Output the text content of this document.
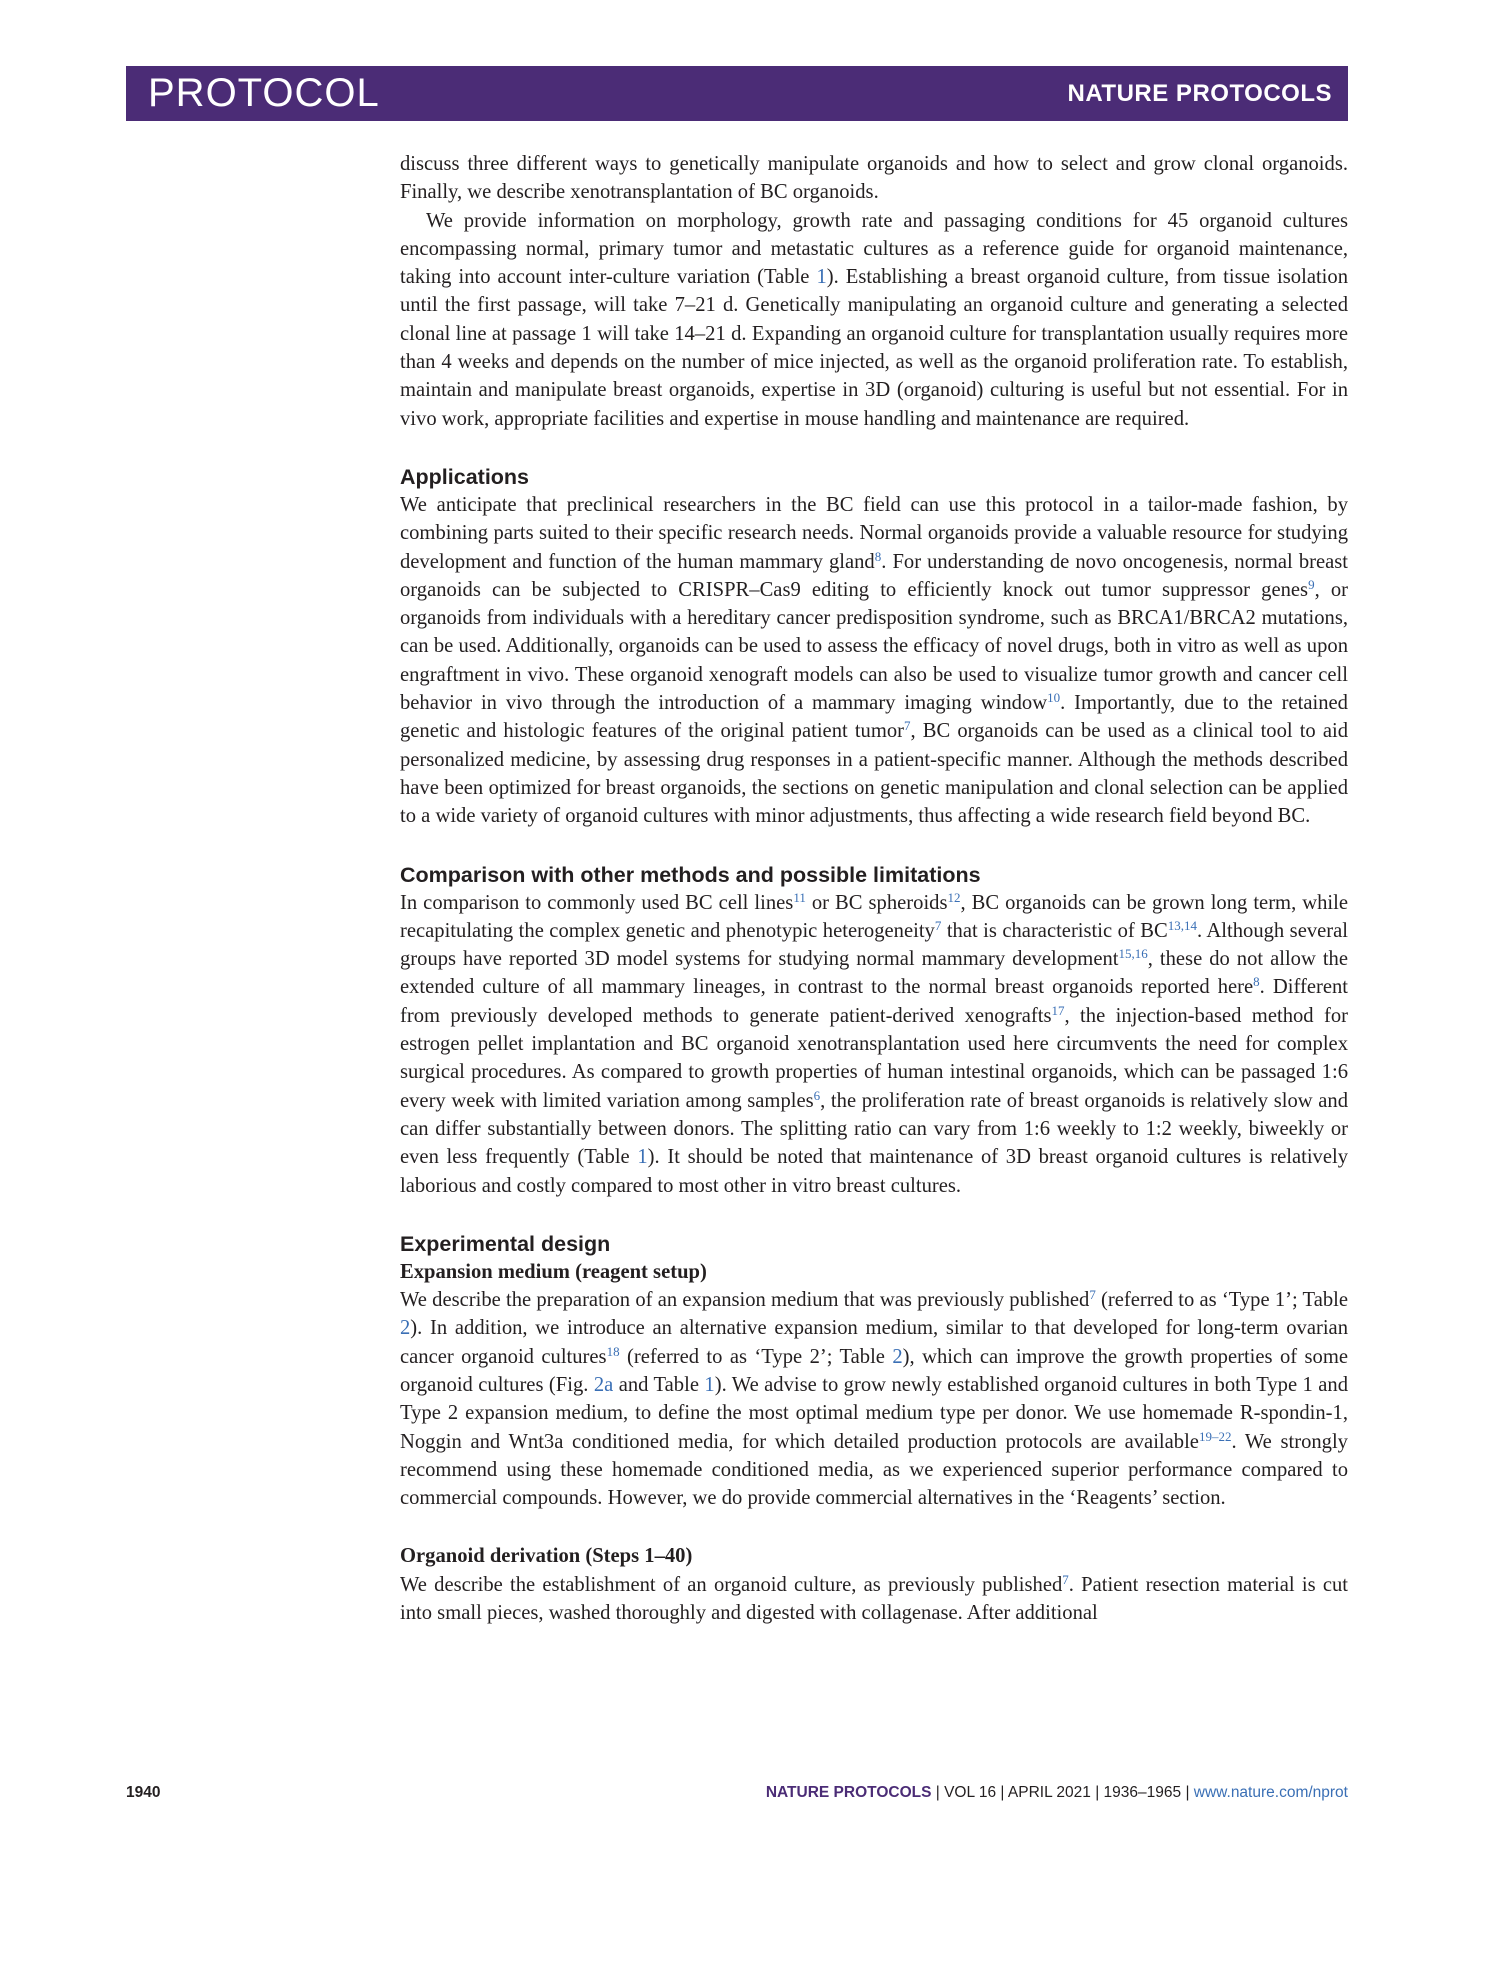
PROTOCOL	NATURE PROTOCOLS

discuss three different ways to genetically manipulate organoids and how to select and grow clonal organoids. Finally, we describe xenotransplantation of BC organoids.

We provide information on morphology, growth rate and passaging conditions for 45 organoid cultures encompassing normal, primary tumor and metastatic cultures as a reference guide for organoid maintenance, taking into account inter-culture variation (Table 1). Establishing a breast organoid culture, from tissue isolation until the first passage, will take 7–21 d. Genetically manipulating an organoid culture and generating a selected clonal line at passage 1 will take 14–21 d. Expanding an organoid culture for transplantation usually requires more than 4 weeks and depends on the number of mice injected, as well as the organoid proliferation rate. To establish, maintain and manipulate breast organoids, expertise in 3D (organoid) culturing is useful but not essential. For in vivo work, appropriate facilities and expertise in mouse handling and maintenance are required.

Applications

We anticipate that preclinical researchers in the BC field can use this protocol in a tailor-made fashion, by combining parts suited to their specific research needs. Normal organoids provide a valuable resource for studying development and function of the human mammary gland$^8$. For understanding de novo oncogenesis, normal breast organoids can be subjected to CRISPR–Cas9 editing to efficiently knock out tumor suppressor genes$^9$, or organoids from individuals with a hereditary cancer predisposition syndrome, such as BRCA1/BRCA2 mutations, can be used. Additionally, organoids can be used to assess the efficacy of novel drugs, both in vitro as well as upon engraftment in vivo. These organoid xenograft models can also be used to visualize tumor growth and cancer cell behavior in vivo through the introduction of a mammary imaging window$^{10}$. Importantly, due to the retained genetic and histologic features of the original patient tumor$^7$, BC organoids can be used as a clinical tool to aid personalized medicine, by assessing drug responses in a patient-specific manner. Although the methods described have been optimized for breast organoids, the sections on genetic manipulation and clonal selection can be applied to a wide variety of organoid cultures with minor adjustments, thus affecting a wide research field beyond BC.

Comparison with other methods and possible limitations

In comparison to commonly used BC cell lines$^{11}$ or BC spheroids$^{12}$, BC organoids can be grown long term, while recapitulating the complex genetic and phenotypic heterogeneity$^7$ that is characteristic of BC$^{13,14}$. Although several groups have reported 3D model systems for studying normal mammary development$^{15,16}$, these do not allow the extended culture of all mammary lineages, in contrast to the normal breast organoids reported here$^8$. Different from previously developed methods to generate patient-derived xenografts$^{17}$, the injection-based method for estrogen pellet implantation and BC organoid xenotransplantation used here circumvents the need for complex surgical procedures. As compared to growth properties of human intestinal organoids, which can be passaged 1:6 every week with limited variation among samples$^6$, the proliferation rate of breast organoids is relatively slow and can differ substantially between donors. The splitting ratio can vary from 1:6 weekly to 1:2 weekly, biweekly or even less frequently (Table 1). It should be noted that maintenance of 3D breast organoid cultures is relatively laborious and costly compared to most other in vitro breast cultures.

Experimental design
Expansion medium (reagent setup)

We describe the preparation of an expansion medium that was previously published$^7$ (referred to as ‘Type 1’; Table 2). In addition, we introduce an alternative expansion medium, similar to that developed for long-term ovarian cancer organoid cultures$^{18}$ (referred to as ‘Type 2’; Table 2), which can improve the growth properties of some organoid cultures (Fig. 2a and Table 1). We advise to grow newly established organoid cultures in both Type 1 and Type 2 expansion medium, to define the most optimal medium type per donor. We use homemade R-spondin-1, Noggin and Wnt3a conditioned media, for which detailed production protocols are available$^{19-22}$. We strongly recommend using these homemade conditioned media, as we experienced superior performance compared to commercial compounds. However, we do provide commercial alternatives in the ‘Reagents’ section.

Organoid derivation (Steps 1–40)

We describe the establishment of an organoid culture, as previously published$^7$. Patient resection material is cut into small pieces, washed thoroughly and digested with collagenase. After additional

1940	NATURE PROTOCOLS | VOL 16 | APRIL 2021 | 1936–1965 | www.nature.com/nprot
